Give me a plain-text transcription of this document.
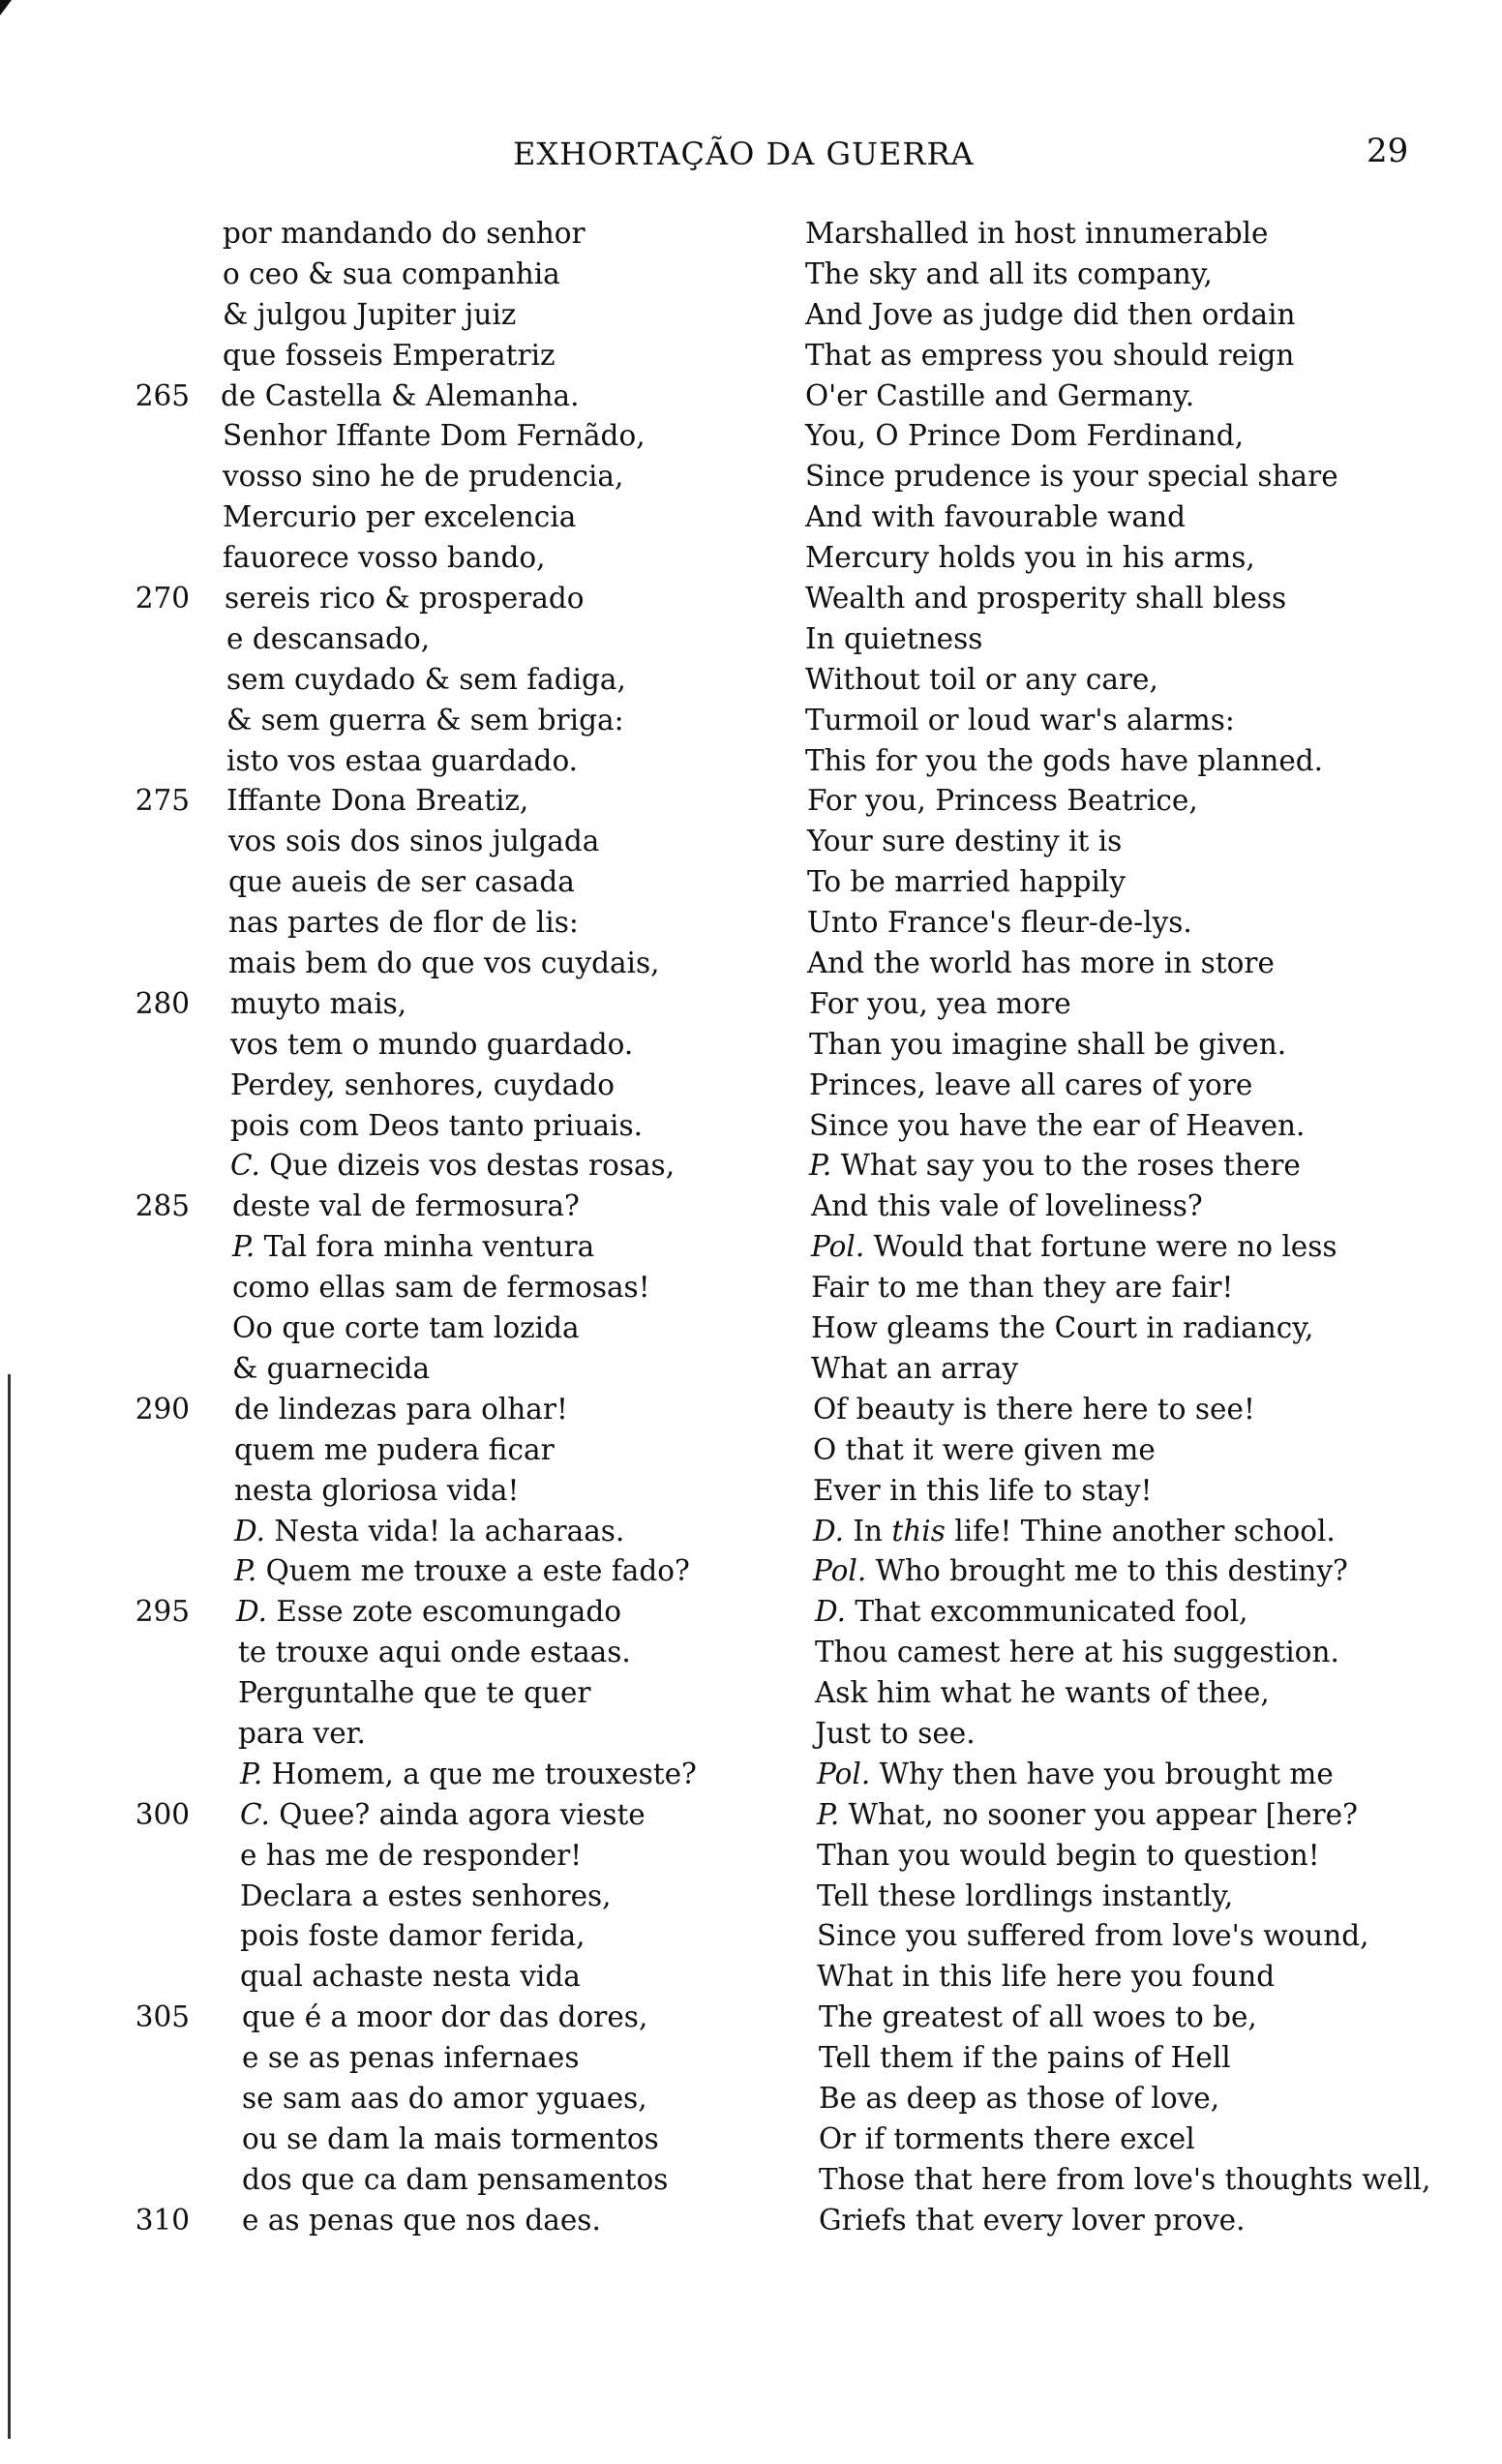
EXHORTAÇÃO DA GUERRA	29
por mandando do senhor
o ceo & sua companhia
& julgou Jupiter juiz
que fosseis Emperatriz
265 de Castella & Alemanha.
Senhor Iffante Dom Fernãdo,
vosso sino he de prudencia,
Mercurio per excelencia
fauorece vosso bando,
270 sereis rico & prosperado
e descansado,
sem cuydado & sem fadiga,
& sem guerra & sem briga:
isto vos estaa guardado.
275 Iffante Dona Breatiz,
vos sois dos sinos julgada
que aueis de ser casada
nas partes de flor de lis:
mais bem do que vos cuydais,
280 muyto mais,
vos tem o mundo guardado.
Perdey, senhores, cuydado
pois com Deos tanto priuais.
C. Que dizeis vos destas rosas,
285 deste val de fermosura?
P. Tal fora minha ventura
como ellas sam de fermosas!
Oo que corte tam lozida
& guarnecida
290 de lindezas para olhar!
quem me pudera ficar
nesta gloriosa vida!
D. Nesta vida! la acharaas.
P. Quem me trouxe a este fado?
295 D. Esse zote escomungado
te trouxe aqui onde estaas.
Perguntalhe que te quer
para ver.
P. Homem, a que me trouxeste?
300 C. Quee? ainda agora vieste
e has me de responder!
Declara a estes senhores,
pois foste damor ferida,
qual achaste nesta vida
305 que é a moor dor das dores,
e se as penas infernaes
se sam aas do amor yguaes,
ou se dam la mais tormentos
dos que ca dam pensamentos
310 e as penas que nos daes.
Marshalled in host innumerable
The sky and all its company,
And Jove as judge did then ordain
That as empress you should reign
O'er Castille and Germany.
You, O Prince Dom Ferdinand,
Since prudence is your special share
And with favourable wand
Mercury holds you in his arms,
Wealth and prosperity shall bless
In quietness
Without toil or any care,
Turmoil or loud war's alarms:
This for you the gods have planned.
For you, Princess Beatrice,
Your sure destiny it is
To be married happily
Unto France's fleur-de-lys.
And the world has more in store
For you, yea more
Than you imagine shall be given.
Princes, leave all cares of yore
Since you have the ear of Heaven.
P. What say you to the roses there
And this vale of loveliness?
Pol. Would that fortune were no less
Fair to me than they are fair!
How gleams the Court in radiancy,
What an array
Of beauty is there here to see!
O that it were given me
Ever in this life to stay!
D. In this life! Thine another school.
Pol. Who brought me to this destiny?
D. That excommunicated fool,
Thou camest here at his suggestion.
Ask him what he wants of thee,
Just to see.
Pol. Why then have you brought me
P. What, no sooner you appear [here?
Than you would begin to question!
Tell these lordlings instantly,
Since you suffered from love's wound,
What in this life here you found
The greatest of all woes to be,
Tell them if the pains of Hell
Be as deep as those of love,
Or if torments there excel
Those that here from love's thoughts well,
Griefs that every lover prove.
